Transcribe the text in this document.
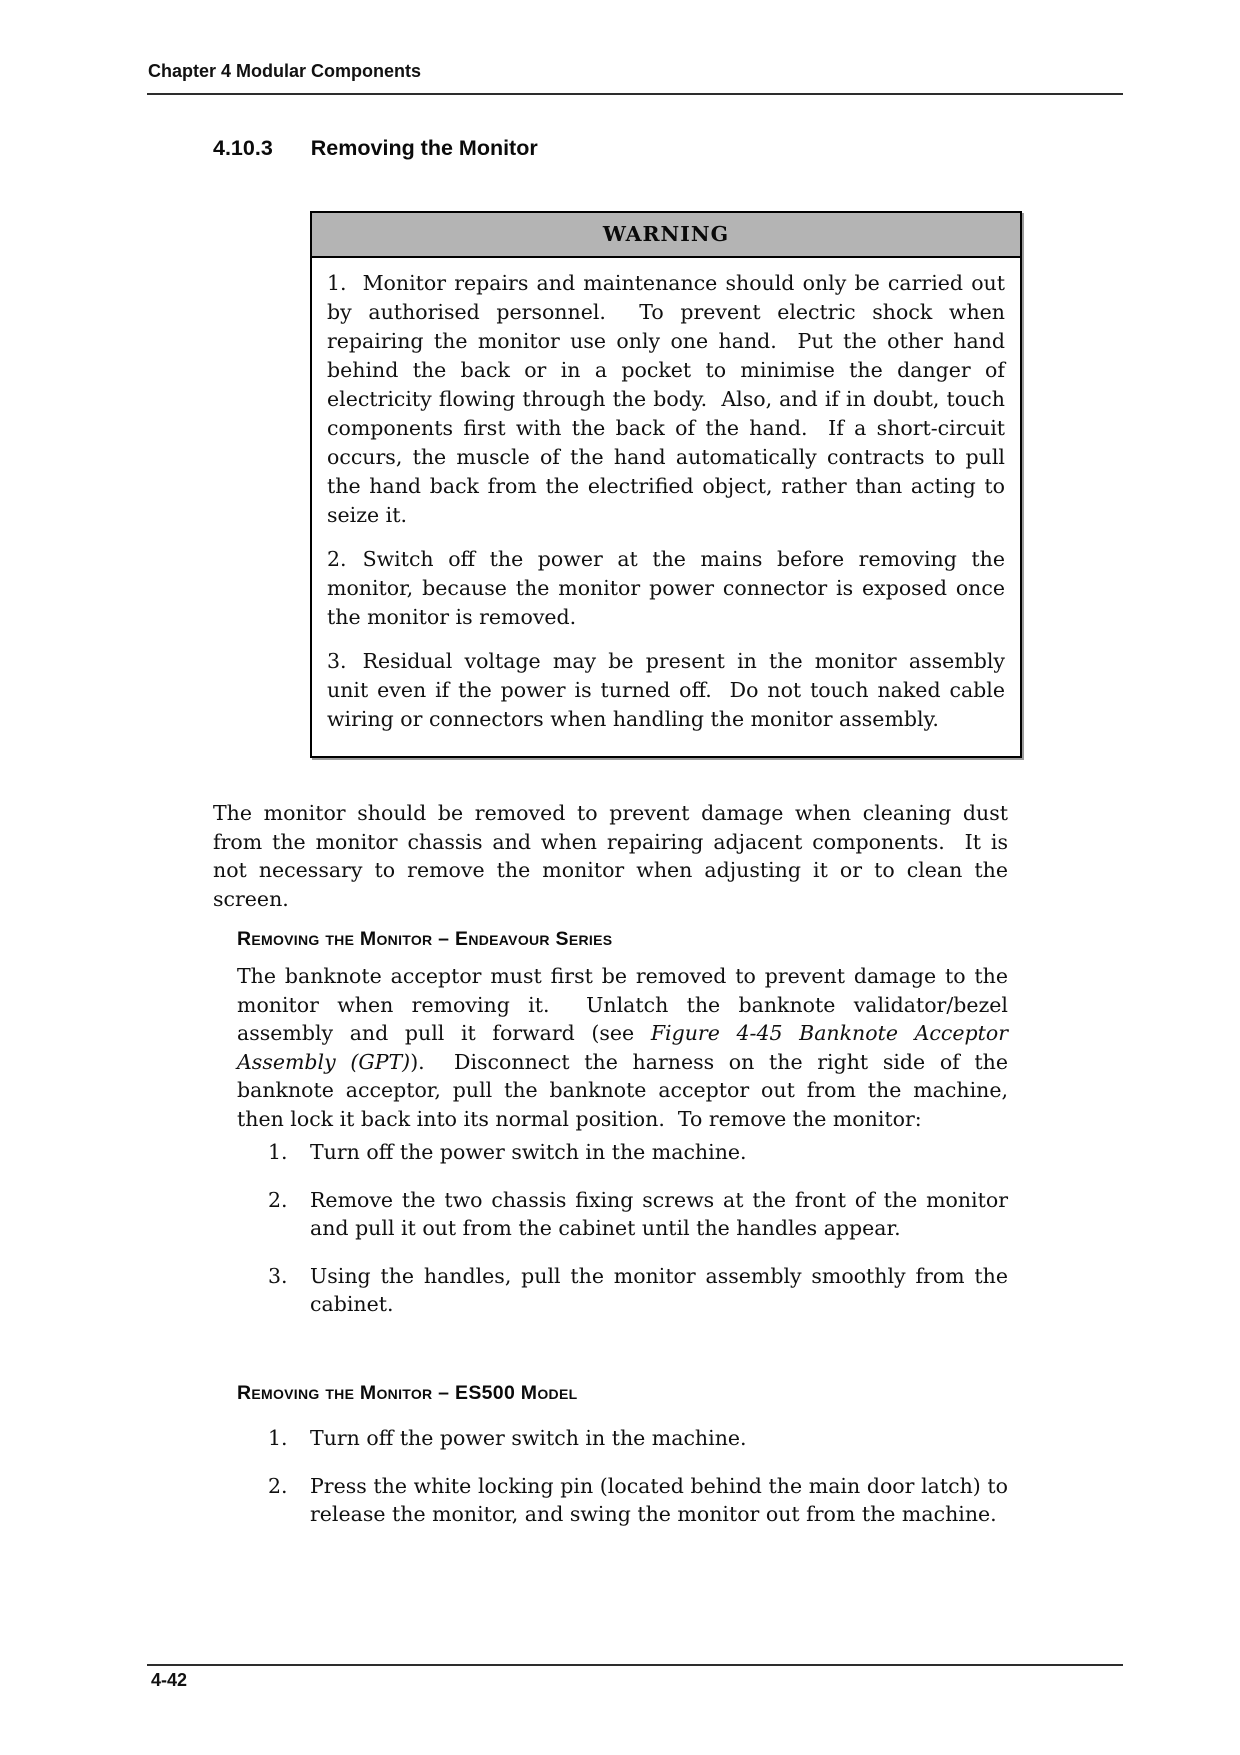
Chapter 4 Modular Components
4.10.3 Removing the Monitor
WARNING

1. Monitor repairs and maintenance should only be carried out by authorised personnel.  To prevent electric shock when repairing the monitor use only one hand.  Put the other hand behind the back or in a pocket to minimise the danger of electricity flowing through the body.  Also, and if in doubt, touch components first with the back of the hand.  If a short-circuit occurs, the muscle of the hand automatically contracts to pull the hand back from the electrified object, rather than acting to seize it.

2. Switch off the power at the mains before removing the monitor, because the monitor power connector is exposed once the monitor is removed.

3. Residual voltage may be present in the monitor assembly unit even if the power is turned off.  Do not touch naked cable wiring or connectors when handling the monitor assembly.

The monitor should be removed to prevent damage when cleaning dust from the monitor chassis and when repairing adjacent components.  It is not necessary to remove the monitor when adjusting it or to clean the screen.

Removing the Monitor – Endeavour Series

The banknote acceptor must first be removed to prevent damage to the monitor when removing it.  Unlatch the banknote validator/bezel assembly and pull it forward (see Figure 4-45 Banknote Acceptor Assembly (GPT)).  Disconnect the harness on the right side of the banknote acceptor, pull the banknote acceptor out from the machine, then lock it back into its normal position.  To remove the monitor:

1.	Turn off the power switch in the machine.

2.	Remove the two chassis fixing screws at the front of the monitor and pull it out from the cabinet until the handles appear.

3.	Using the handles, pull the monitor assembly smoothly from the cabinet.

Removing the Monitor – ES500 Model
1.	Turn off the power switch in the machine.

2.	Press the white locking pin (located behind the main door latch) to release the monitor, and swing the monitor out from the machine.

4-42
